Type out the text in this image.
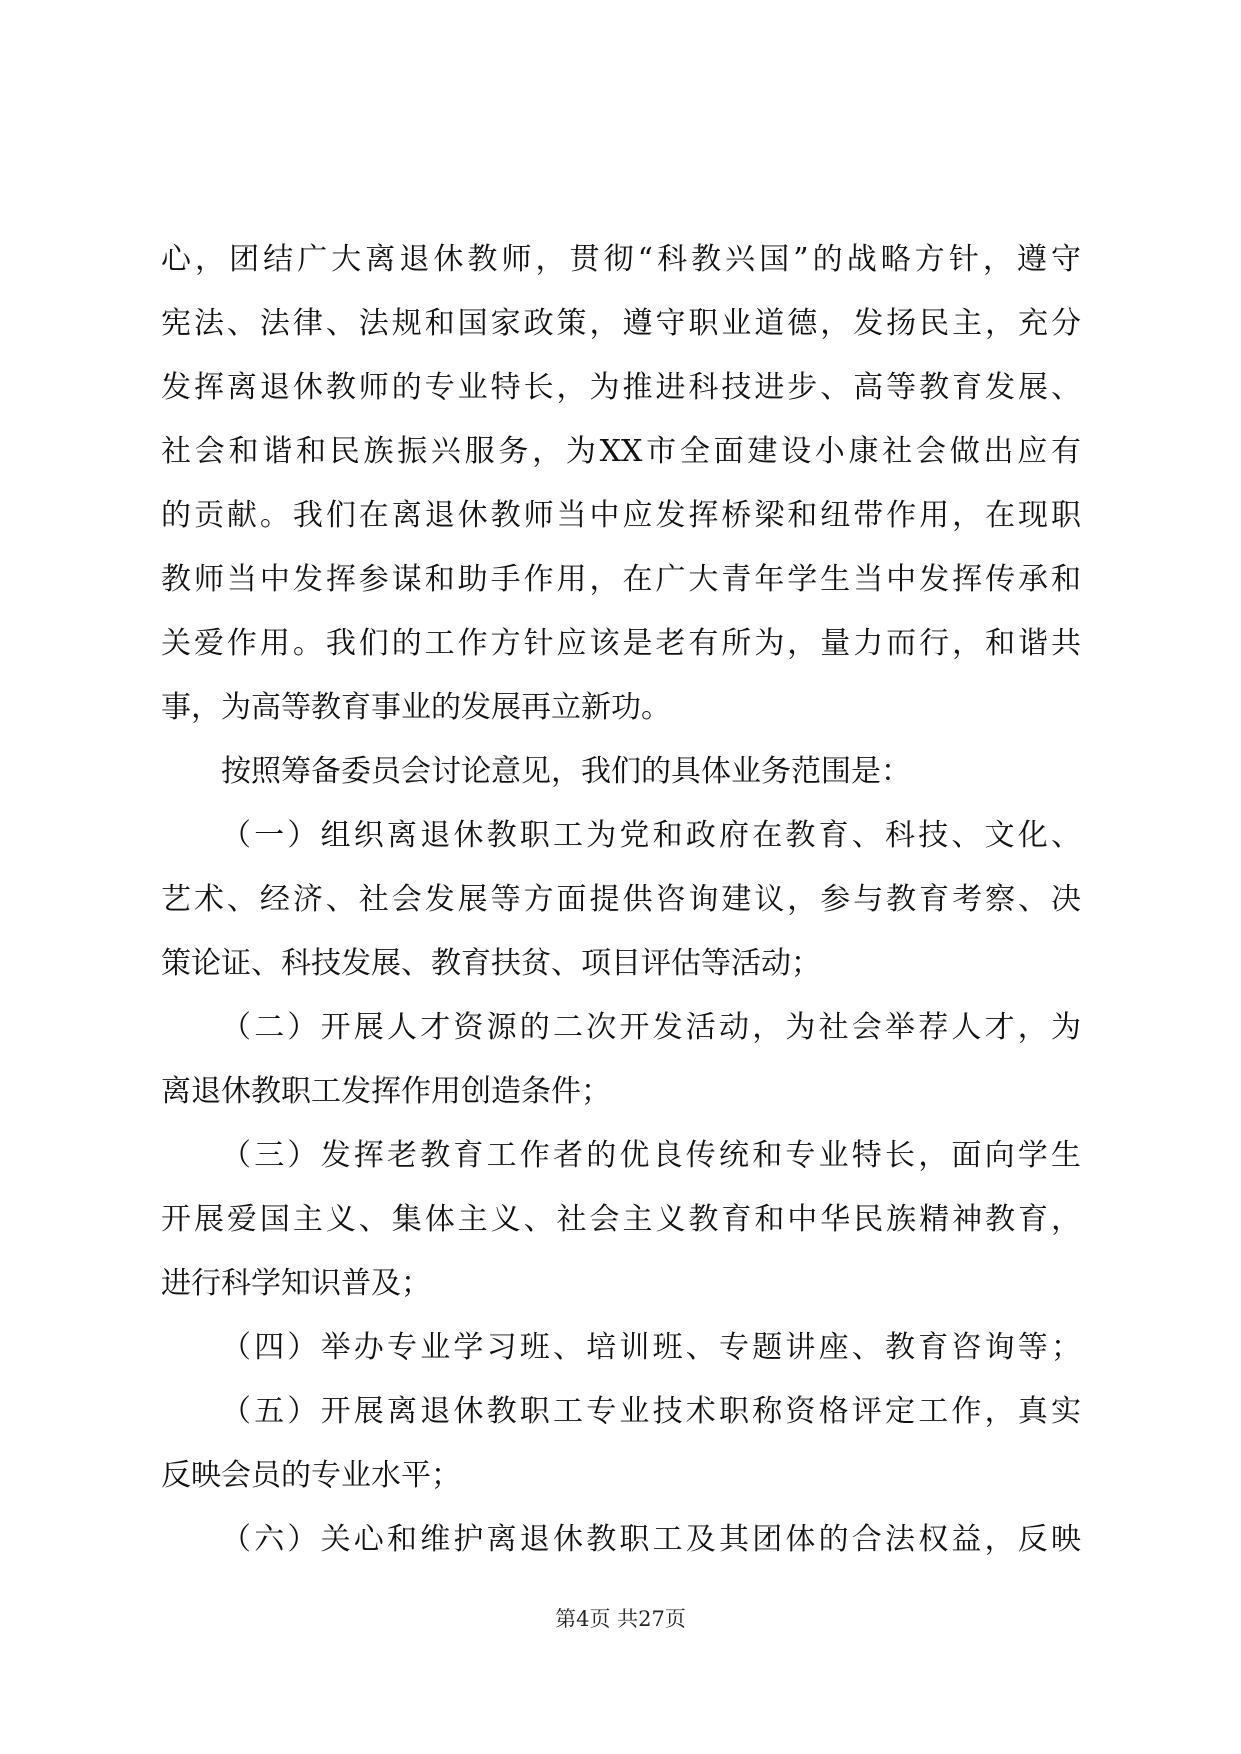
心，团结广大离退休教师，贯彻“科教兴国”的战略方针，遵守
宪法、法律、法规和国家政策，遵守职业道德，发扬民主，充分
发挥离退休教师的专业特长，为推进科技进步、高等教育发展、
社会和谐和民族振兴服务，为XX市全面建设小康社会做出应有
的贡献。我们在离退休教师当中应发挥桥梁和纽带作用，在现职
教师当中发挥参谋和助手作用，在广大青年学生当中发挥传承和
关爱作用。我们的工作方针应该是老有所为，量力而行，和谐共
事，为高等教育事业的发展再立新功。
按照筹备委员会讨论意见，我们的具体业务范围是：
（一）组织离退休教职工为党和政府在教育、科技、文化、
艺术、经济、社会发展等方面提供咨询建议，参与教育考察、决
策论证、科技发展、教育扶贫、项目评估等活动；
（二）开展人才资源的二次开发活动，为社会举荐人才，为
离退休教职工发挥作用创造条件；
（三）发挥老教育工作者的优良传统和专业特长，面向学生
开展爱国主义、集体主义、社会主义教育和中华民族精神教育，
进行科学知识普及；
（四）举办专业学习班、培训班、专题讲座、教育咨询等；
（五）开展离退休教职工专业技术职称资格评定工作，真实
反映会员的专业水平；
（六）关心和维护离退休教职工及其团体的合法权益，反映
第4页 共27页
